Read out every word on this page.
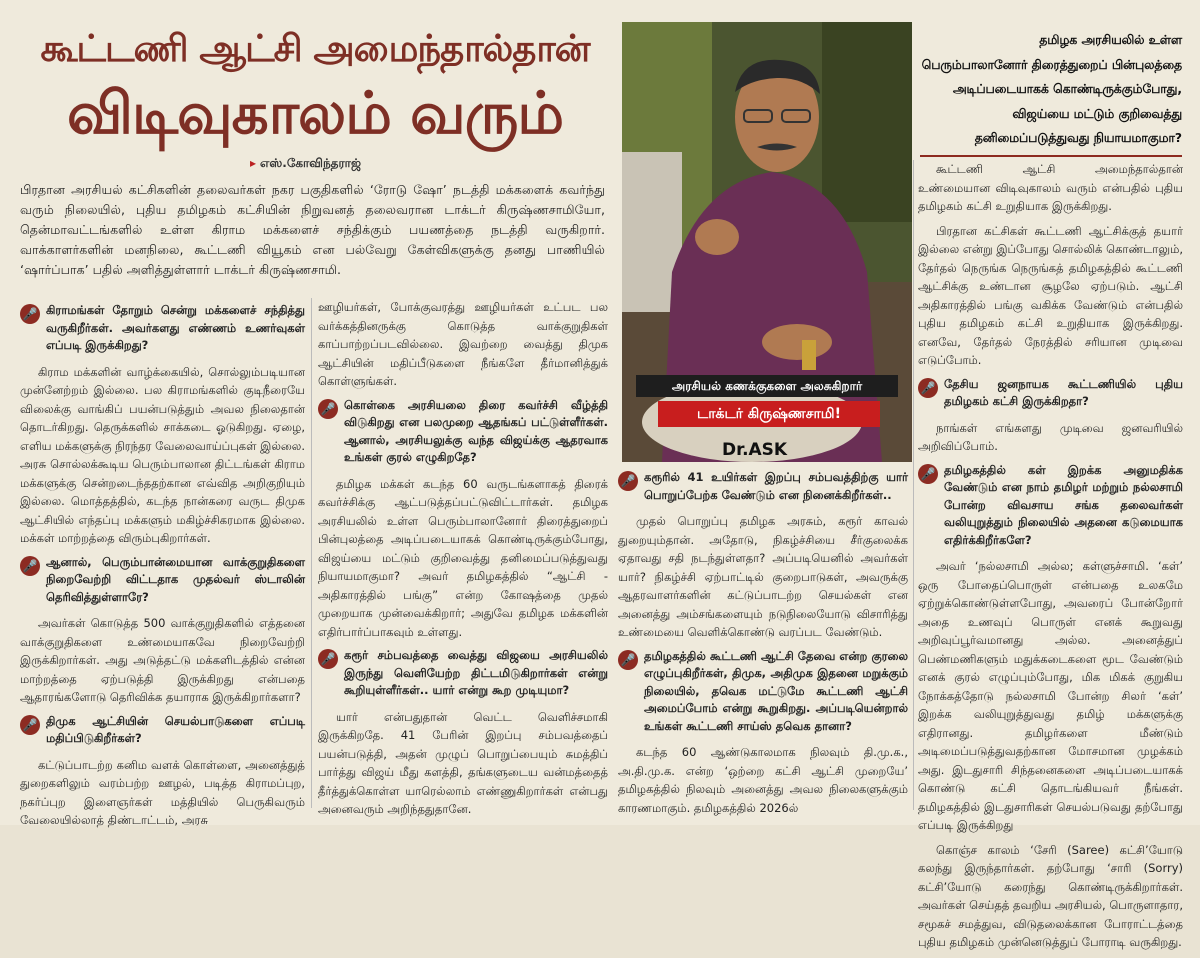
கூட்டணி ஆட்சி அமைந்தால்தான்
விடிவுகாலம் வரும்
▸ எஸ்.கோவிந்தராஜ்

பிரதான அரசியல் கட்சிகளின் தலைவர்கள் நகர பகுதிகளில் ‘ரோடு ஷோ’ நடத்தி மக்களைக் கவர்ந்து வரும் நிலையில், புதிய தமிழகம் கட்சியின் நிறுவனத் தலைவரான டாக்டர் கிருஷ்ணசாமியோ, தென்மாவட்டங்களில் உள்ள கிராம மக்களைச் சந்திக்கும் பயணத்தை நடத்தி வருகிறார். வாக்காளர்களின் மனநிலை, கூட்டணி வியூகம் என பல்வேறு கேள்விகளுக்கு தனது பாணியில் ‘ஷார்ப்பாக’ பதில் அளித்துள்ளார் டாக்டர் கிருஷ்ணசாமி.

🎤 கிராமங்கள் தோறும் சென்று மக்களைச் சந்தித்து வருகிறீர்கள். அவர்களது எண்ணம் உணர்வுகள் எப்படி இருக்கிறது?

கிராம மக்களின் வாழ்க்கையில், சொல்லும்படியான முன்னேற்றம் இல்லை. பல கிராமங்களில் குடிநீரையே விலைக்கு வாங்கிப் பயன்படுத்தும் அவல நிலைதான் தொடர்கிறது. தெருக்களில் சாக்கடை ஓடுகிறது. ஏழை, எளிய மக்களுக்கு நிரந்தர வேலைவாய்ப்புகள் இல்லை. அரசு சொல்லக்கூடிய பெரும்பாலான திட்டங்கள் கிராம மக்களுக்கு சென்றடைந்ததற்கான எவ்வித அறிகுறியும் இல்லை. மொத்தத்தில், கடந்த நான்கரை வருட திமுக ஆட்சியில் எந்தப்பு மக்களும் மகிழ்ச்சிகரமாக இல்லை. மக்கள் மாற்றத்தை விரும்புகிறார்கள்.

🎤 ஆனால், பெரும்பான்மையான வாக்குறுதிகளை நிறைவேற்றி விட்டதாக முதல்வர் ஸ்டாலின் தெரிவித்துள்ளாரே?

அவர்கள் கொடுத்த 500 வாக்குறுதிகளில் எத்தனை வாக்குறுதிகளை உண்மையாகவே நிறைவேற்றி இருக்கிறார்கள். அது அடுத்தட்டு மக்களிடத்தில் என்ன மாற்றத்தை ஏற்படுத்தி இருக்கிறது என்பதை ஆதாரங்களோடு தெரிவிக்க தயாராக இருக்கிறார்களா?

🎤 திமுக ஆட்சியின் செயல்பாடுகளை எப்படி மதிப்பிடுகிறீர்கள்?

கட்டுப்பாடற்ற கனிம வளக் கொள்ளை, அனைத்துத் துறைகளிலும் வரம்பற்ற ஊழல், படித்த கிராமப்புற, நகர்ப்புற இளைஞர்கள் மத்தியில் பெருகிவரும் வேலையில்லாத் திண்டாட்டம், அரசு

ஊழியர்கள், போக்குவரத்து ஊழியர்கள் உட்பட பல வர்க்கத்தினருக்கு கொடுத்த வாக்குறுதிகள் காப்பாற்றப்படவில்லை. இவற்றை வைத்து திமுக ஆட்சியின் மதிப்பீடுகளை நீங்களே தீர்மானித்துக் கொள்ளுங்கள்.

🎤 கொள்கை அரசியலை திரை கவர்ச்சி வீழ்த்தி விடுகிறது என பலமுறை ஆதங்கப் பட்டுள்ளீர்கள். ஆனால், அரசியலுக்கு வந்த விஜய்க்கு ஆதரவாக உங்கள் குரல் எழுகிறதே?

தமிழக மக்கள் கடந்த 60 வருடங்களாகத் திரைக் கவர்ச்சிக்கு ஆட்படுத்தப்பட்டுவிட்டார்கள். தமிழக அரசியலில் உள்ள பெரும்பாலானோர் திரைத்துறைப் பின்புலத்தை அடிப்படையாகக் கொண்டிருக்கும்போது, விஜய்யை மட்டும் குறிவைத்து தனிமைப்படுத்துவது நியாயமாகுமா? அவர் தமிழகத்தில் “ஆட்சி - அதிகாரத்தில் பங்கு” என்ற கோஷத்தை முதல் முறையாக முன்வைக்கிறார்; அதுவே தமிழக மக்களின் எதிர்பார்ப்பாகவும் உள்ளது.

🎤 கரூர் சம்பவத்தை வைத்து விஜயை அரசியலில் இருந்து வெளியேற்ற திட்டமிடுகிறார்கள் என்று கூறியுள்ளீர்கள்.. யார் என்று கூற முடியுமா?

யார் என்பதுதான் வெட்ட வெளிச்சமாகி இருக்கிறதே. 41 பேரின் இறப்பு சம்பவத்தைப் பயன்படுத்தி, அதன் முழுப் பொறுப்பையும் சுமத்திப் பார்த்து விஜய் மீது களத்தி, தங்களுடைய வன்மத்தைத் தீர்த்துக்கொள்ள யாரெல்லாம் எண்ணுகிறார்கள் என்பது அனைவரும் அறிந்ததுதானே.

அரசியல் கணக்குகளை அலசுகிறார்
டாக்டர் கிருஷ்ணசாமி!
Dr.ASK
🎤 கரூரில் 41 உயிர்கள் இறப்பு சம்பவத்திற்கு யார் பொறுப்பேற்க வேண்டும் என நினைக்கிறீர்கள்..

முதல் பொறுப்பு தமிழக அரசும், கரூர் காவல் துறையும்தான். அதோடு, நிகழ்ச்சியை சீர்குலைக்க ஏதாவது சதி நடந்துள்ளதா? அப்படியெனில் அவர்கள் யார்? நிகழ்ச்சி ஏற்பாட்டில் குறைபாடுகள், அவருக்கு ஆதரவாளர்களின் கட்டுப்பாடற்ற செயல்கள் என அனைத்து அம்சங்களையும் நடுநிலையோடு விசாரித்து உண்மையை வெளிக்கொண்டு வரப்பட வேண்டும்.

🎤 தமிழகத்தில் கூட்டணி ஆட்சி தேவை என்ற குரலை எழுப்புகிறீர்கள், திமுக, அதிமுக இதனை மறுக்கும் நிலையில், தவெக மட்டுமே கூட்டணி ஆட்சி அமைப்போம் என்று கூறுகிறது. அப்படியென்றால் உங்கள் கூட்டணி சாய்ஸ் தவெக தானா?

கடந்த 60 ஆண்டுகாலமாக நிலவும் தி.மு.க., அ.தி.மு.க. என்ற ‘ஒற்றை கட்சி ஆட்சி முறையே’ தமிழகத்தில் நிலவும் அனைத்து அவல நிலைகளுக்கும் காரணமாகும். தமிழகத்தில் 2026ல்

தமிழக அரசியலில் உள்ள
பெரும்பாலானோர் திரைத்துறைப் பின்புலத்தை
அடிப்படையாகக் கொண்டிருக்கும்போது,
விஜய்யை மட்டும் குறிவைத்து
தனிமைப்படுத்துவது நியாயமாகுமா?

கூட்டணி ஆட்சி அமைந்தால்தான் உண்மையான விடிவுகாலம் வரும் என்பதில் புதிய தமிழகம் கட்சி உறுதியாக இருக்கிறது.

பிரதான கட்சிகள் கூட்டணி ஆட்சிக்குத் தயார் இல்லை என்று இப்போது சொல்லிக் கொண்டாலும், தேர்தல் நெருங்க நெருங்கத் தமிழகத்தில் கூட்டணி ஆட்சிக்கு உண்டான சூழலே ஏற்படும். ஆட்சி அதிகாரத்தில் பங்கு வகிக்க வேண்டும் என்பதில் புதிய தமிழகம் கட்சி உறுதியாக இருக்கிறது. எனவே, தேர்தல் நேரத்தில் சரியான முடிவை எடுப்போம்.

🎤 தேசிய ஜனநாயக கூட்டணியில் புதிய தமிழகம் கட்சி இருக்கிறதா?

நாங்கள் எங்களது முடிவை ஜனவரியில் அறிவிப்போம்.

🎤 தமிழகத்தில் கள் இறக்க அனுமதிக்க வேண்டும் என நாம் தமிழர் மற்றும் நல்லசாமி போன்ற விவசாய சங்க தலைவர்கள் வலியுறுத்தும் நிலையில் அதனை கடுமையாக எதிர்க்கிறீர்களே?

அவர் ‘நல்லசாமி அல்ல; கள்ளுச்சாமி. ‘கள்’ ஒரு போதைப்பொருள் என்பதை உலகமே ஏற்றுக்கொண்டுள்ளபோது, அவரைப் போன்றோர் அதை உணவுப் பொருள் எனக் கூறுவது அறிவுப்பூர்வமானது அல்ல. அனைத்துப் பெண்மணிகளும் மதுக்கடைகளை மூட வேண்டும் எனக் குரல் எழுப்பும்போது, மிக மிகக் குறுகிய நோக்கத்தோடு நல்லசாமி போன்ற சிலர் ‘கள்’ இறக்க வலியுறுத்துவது தமிழ் மக்களுக்கு எதிரானது. தமிழர்களை மீண்டும் அடிமைப்படுத்துவதற்கான மோசமான முழக்கம் அது. இடதுசாரி சிந்தனைகளை அடிப்படையாகக் கொண்டு கட்சி தொடங்கியவர் நீங்கள். தமிழகத்தில் இடதுசாரிகள் செயல்படுவது தற்போது எப்படி இருக்கிறது

கொஞ்ச காலம் ‘சேரி (Saree) கட்சி’யோடு கலந்து இருந்தார்கள். தற்போது ‘சாரி (Sorry) கட்சி’யோடு கரைந்து கொண்டிருக்கிறார்கள். அவர்கள் செய்தத் தவறிய அரசியல், பொருளாதார, சமூகச் சமத்துவ, விடுதலைக்கான போராட்டத்தை புதிய தமிழகம் முன்னெடுத்துப் போராடி வருகிறது.
